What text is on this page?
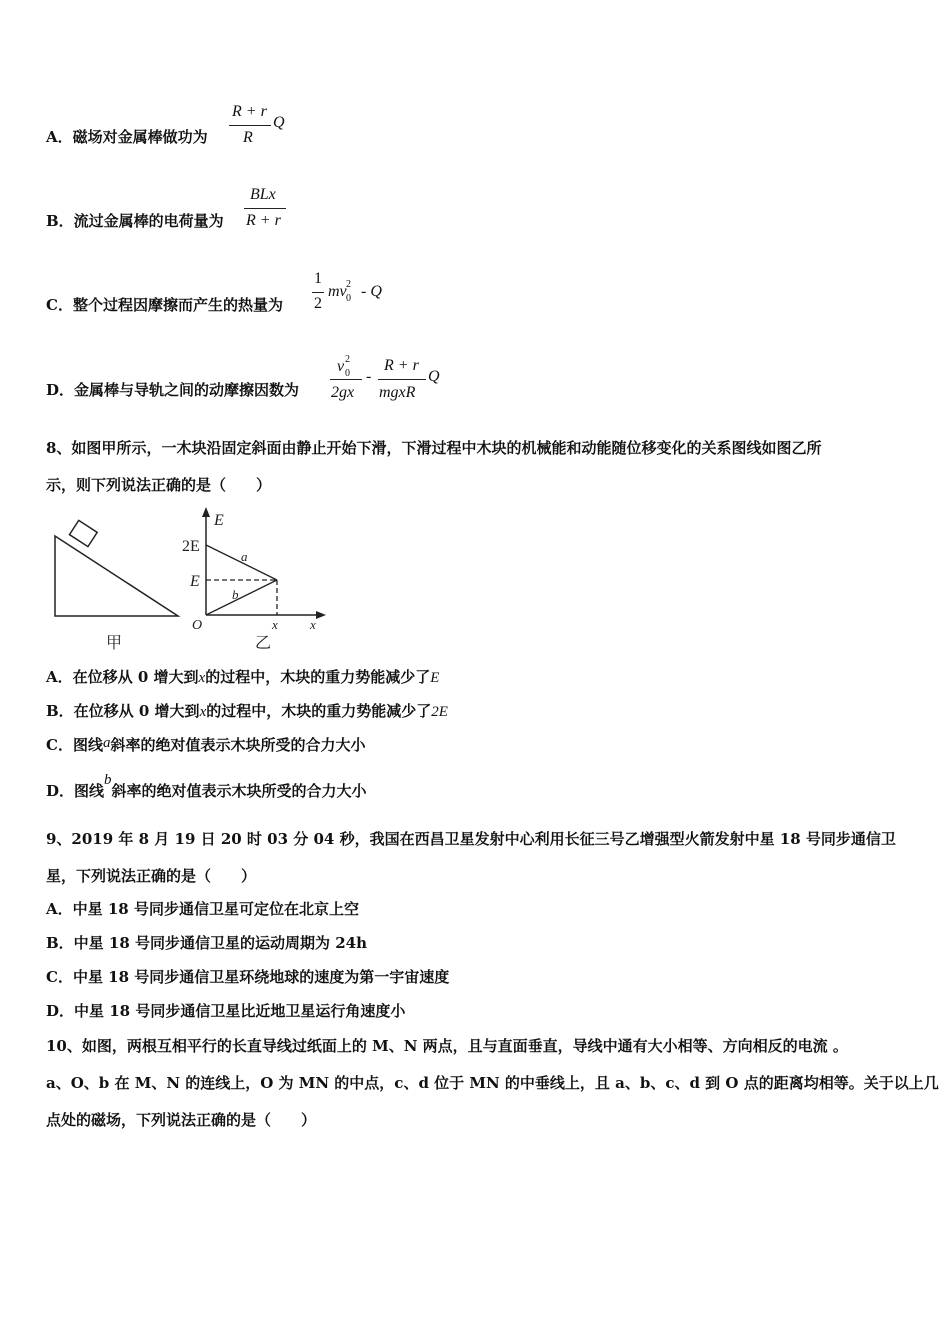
A．磁场对金属棒做功为
R + r
R
Q
B．流过金属棒的电荷量为
BLx
R + r
C．整个过程因摩擦而产生的热量为
1
2
mv 2
0 - Q
D．金属棒与导轨之间的动摩擦因数为
v 2
0
2gx
-
R + r
mgxR
Q
8、如图甲所示，一木块沿固定斜面由静止开始下滑，下滑过程中木块的机械能和动能随位移变化的关系图线如图乙所
示，则下列说法正确的是（　　）
甲
E
2E
E
O	x x
a
b
乙
A．在位移从 0 增大到x的过程中，木块的重力势能减少了E
B．在位移从 0 增大到x的过程中，木块的重力势能减少了2E
C．图线a斜率的绝对值表示木块所受的合力大小
D．图线b斜率的绝对值表示木块所受的合力大小
9、2019 年 8 月 19 日 20 时 03 分 04 秒，我国在西昌卫星发射中心利用长征三号乙增强型火箭发射中星 18 号同步通信卫
星，下列说法正确的是（　　）
A．中星 18 号同步通信卫星可定位在北京上空
B．中星 18 号同步通信卫星的运动周期为 24h
C．中星 18 号同步通信卫星环绕地球的速度为第一宇宙速度
D．中星 18 号同步通信卫星比近地卫星运行角速度小
10、如图，两根互相平行的长直导线过纸面上的 M、N 两点，且与直面垂直，导线中通有大小相等、方向相反的电流 。
a、O、b 在 M、N 的连线上，O 为 MN 的中点，c、d 位于 MN 的中垂线上，且 a、b、c、d 到 O 点的距离均相等。关于以上几
点处的磁场，下列说法正确的是（　　）
